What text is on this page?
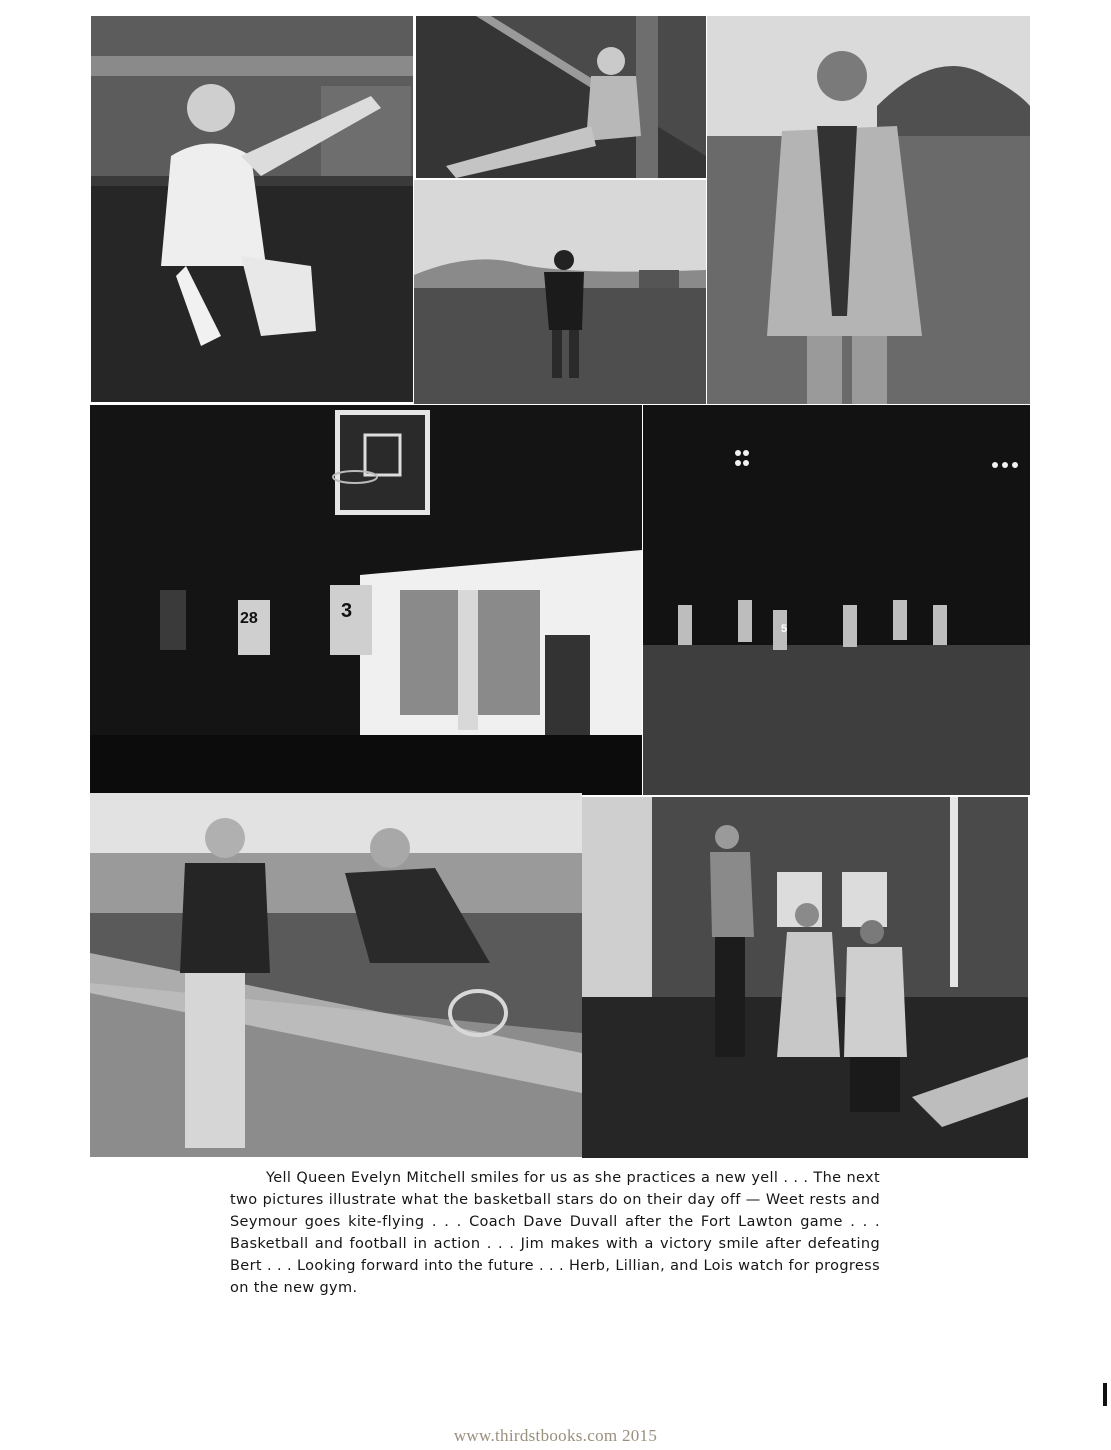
28	3
5

Yell Queen Evelyn Mitchell smiles for us as she practices a new yell . . . The next two pictures illustrate what the basketball stars do on their day off — Weet rests and Seymour goes kite-flying . . . Coach Dave Duvall after the Fort Lawton game . . . Basketball and football in action . . . Jim makes with a victory smile after defeating Bert . . . Looking forward into the future . . . Herb, Lillian, and Lois watch for progress on the new gym.

www.thirdstbooks.com 2015
